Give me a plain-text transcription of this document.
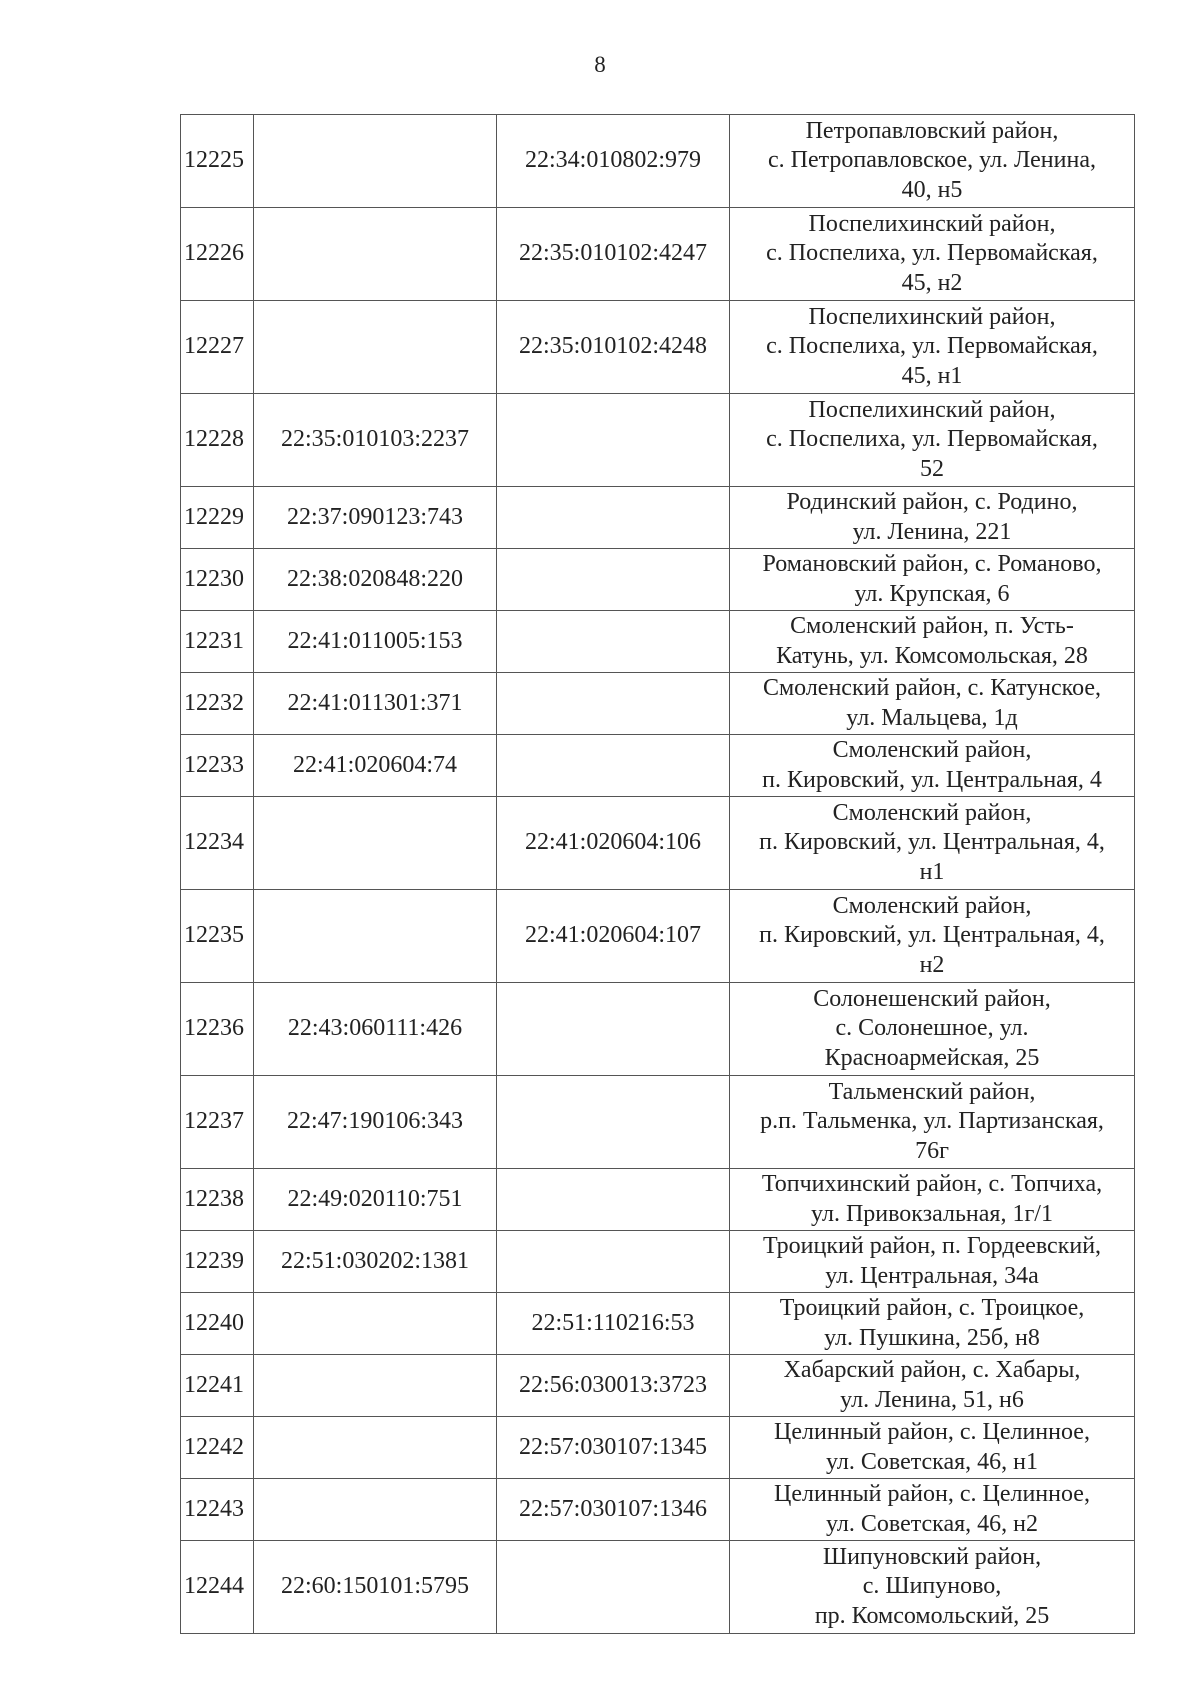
8
12225		22:34:010802:979	Петропавловский район,
с. Петропавловское, ул. Ленина,
40, н5
12226		22:35:010102:4247	Поспелихинский район,
с. Поспелиха, ул. Первомайская,
45, н2
12227		22:35:010102:4248	Поспелихинский район,
с. Поспелиха, ул. Первомайская,
45, н1
12228	22:35:010103:2237		Поспелихинский район,
с. Поспелиха, ул. Первомайская,
52
12229	22:37:090123:743		Родинский район, с. Родино,
ул. Ленина, 221
12230	22:38:020848:220		Романовский район, с. Романово,
ул. Крупская, 6
12231	22:41:011005:153		Смоленский район, п. Усть-
Катунь, ул. Комсомольская, 28
12232	22:41:011301:371		Смоленский район, с. Катунское,
ул. Мальцева, 1д
12233	22:41:020604:74		Смоленский район,
п. Кировский, ул. Центральная, 4
12234		22:41:020604:106	Смоленский район,
п. Кировский, ул. Центральная, 4,
н1
12235		22:41:020604:107	Смоленский район,
п. Кировский, ул. Центральная, 4,
н2
12236	22:43:060111:426		Солонешенский район,
с. Солонешное, ул.
Красноармейская, 25
12237	22:47:190106:343		Тальменский район,
р.п. Тальменка, ул. Партизанская,
76г
12238	22:49:020110:751		Топчихинский район, с. Топчиха,
ул. Привокзальная, 1г/1
12239	22:51:030202:1381		Троицкий район, п. Гордеевский,
ул. Центральная, 34а
12240		22:51:110216:53	Троицкий район, с. Троицкое,
ул. Пушкина, 25б, н8
12241		22:56:030013:3723	Хабарский район, с. Хабары,
ул. Ленина, 51, н6
12242		22:57:030107:1345	Целинный район, с. Целинное,
ул. Советская, 46, н1
12243		22:57:030107:1346	Целинный район, с. Целинное,
ул. Советская, 46, н2
12244	22:60:150101:5795		Шипуновский район,
с. Шипуново,
пр. Комсомольский, 25
